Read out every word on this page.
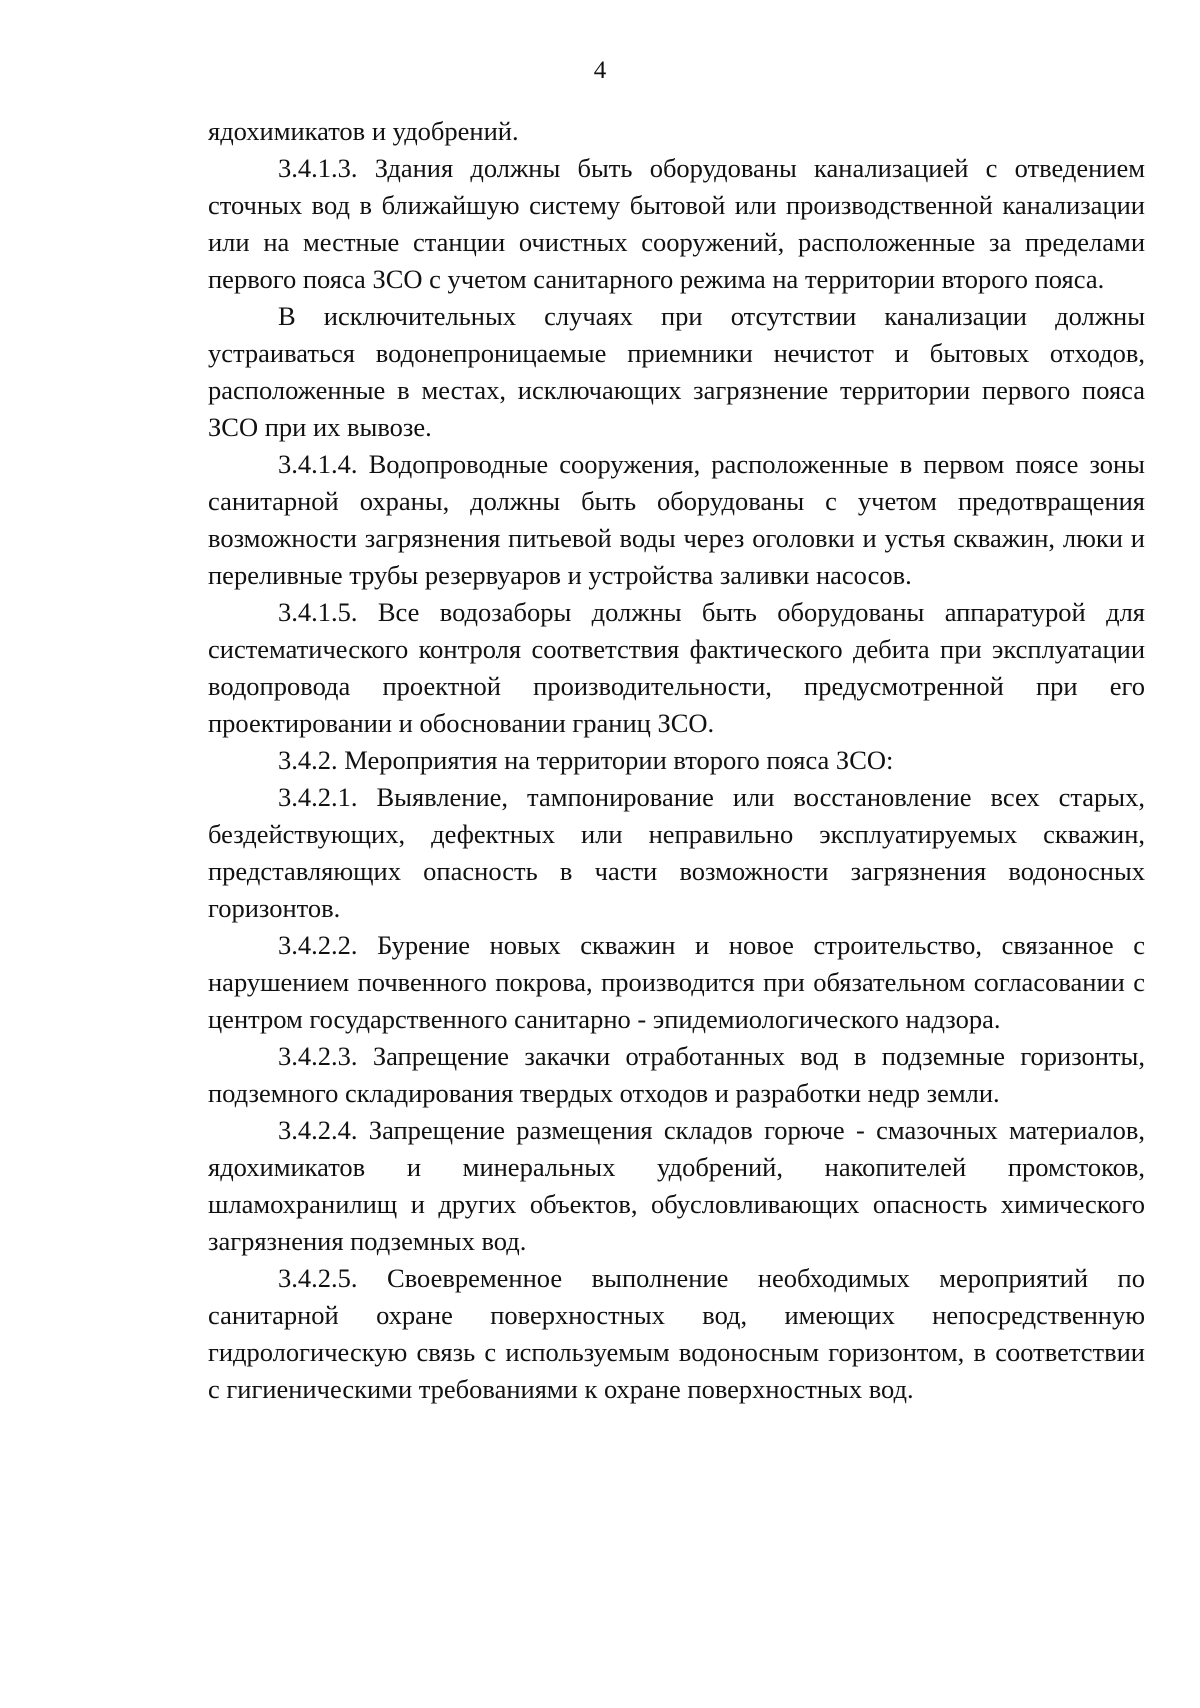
4

ядохимикатов и удобрений.

3.4.1.3. Здания должны быть оборудованы канализацией с отведением сточных вод в ближайшую систему бытовой или производственной канализации или на местные станции очистных сооружений, расположенные за пределами первого пояса ЗСО с учетом санитарного режима на территории второго пояса.

В исключительных случаях при отсутствии канализации должны устраиваться водонепроницаемые приемники нечистот и бытовых отходов, расположенные в местах, исключающих загрязнение территории первого пояса ЗСО при их вывозе.

3.4.1.4. Водопроводные сооружения, расположенные в первом поясе зоны санитарной охраны, должны быть оборудованы с учетом предотвращения возможности загрязнения питьевой воды через оголовки и устья скважин, люки и переливные трубы резервуаров и устройства заливки насосов.

3.4.1.5. Все водозаборы должны быть оборудованы аппаратурой для систематического контроля соответствия фактического дебита при эксплуатации водопровода проектной производительности, предусмотренной при его проектировании и обосновании границ ЗСО.

3.4.2. Мероприятия на территории второго пояса ЗСО:

3.4.2.1. Выявление, тампонирование или восстановление всех старых, бездействующих, дефектных или неправильно эксплуатируемых скважин, представляющих опасность в части возможности загрязнения водоносных горизонтов.

3.4.2.2. Бурение новых скважин и новое строительство, связанное с нарушением почвенного покрова, производится при обязательном согласовании с центром государственного санитарно - эпидемиологического надзора.

3.4.2.3. Запрещение закачки отработанных вод в подземные горизонты, подземного складирования твердых отходов и разработки недр земли.

3.4.2.4. Запрещение размещения складов горюче - смазочных материалов, ядохимикатов и минеральных удобрений, накопителей промстоков, шламохранилищ и других объектов, обусловливающих опасность химического загрязнения подземных вод.

3.4.2.5. Своевременное выполнение необходимых мероприятий по санитарной охране поверхностных вод, имеющих непосредственную гидрологическую связь с используемым водоносным горизонтом, в соответствии с гигиеническими требованиями к охране поверхностных вод.
